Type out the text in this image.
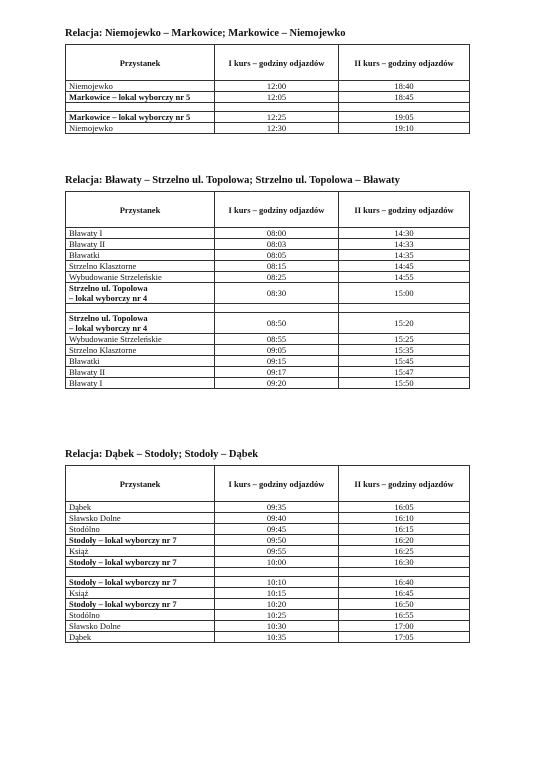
Relacja: Niemojewko – Markowice; Markowice – Niemojewko
Przystanek	I kurs – godziny odjazdów	II kurs – godziny odjazdów
Niemojewko	12:00	18:40
Markowice – lokal wyborczy nr 5	12:05	18:45

Markowice – lokal wyborczy nr 5	12:25	19:05
Niemojewko	12:30	19:10
Relacja: Bławaty – Strzelno ul. Topolowa; Strzelno ul. Topolowa – Bławaty
Przystanek	I kurs – godziny odjazdów	II kurs – godziny odjazdów
Bławaty I	08:00	14:30
Bławaty II	08:03	14:33
Bławatki	08:05	14:35
Strzelno Klasztorne	08:15	14:45
Wybudowanie Strzeleńskie	08:25	14:55
Strzelno ul. Topolowa
– lokal wyborczy nr 4	08:30	15:00

Strzelno ul. Topolowa
– lokal wyborczy nr 4	08:50	15:20
Wybudowanie Strzeleńskie	08:55	15:25
Strzelno Klasztorne	09:05	15:35
Bławatki	09:15	15:45
Bławaty II	09:17	15:47
Bławaty I	09:20	15:50
Relacja: Dąbek – Stodoły; Stodoły – Dąbek
Przystanek	I kurs – godziny odjazdów	II kurs – godziny odjazdów
Dąbek	09:35	16:05
Sławsko Dolne	09:40	16:10
Stodólno	09:45	16:15
Stodoły – lokal wyborczy nr 7	09:50	16:20
Książ	09:55	16:25
Stodoły – lokal wyborczy nr 7	10:00	16:30

Stodoły – lokal wyborczy nr 7	10:10	16:40
Książ	10:15	16:45
Stodoły – lokal wyborczy nr 7	10:20	16:50
Stodólno	10:25	16:55
Sławsko Dolne	10:30	17:00
Dąbek	10:35	17:05
